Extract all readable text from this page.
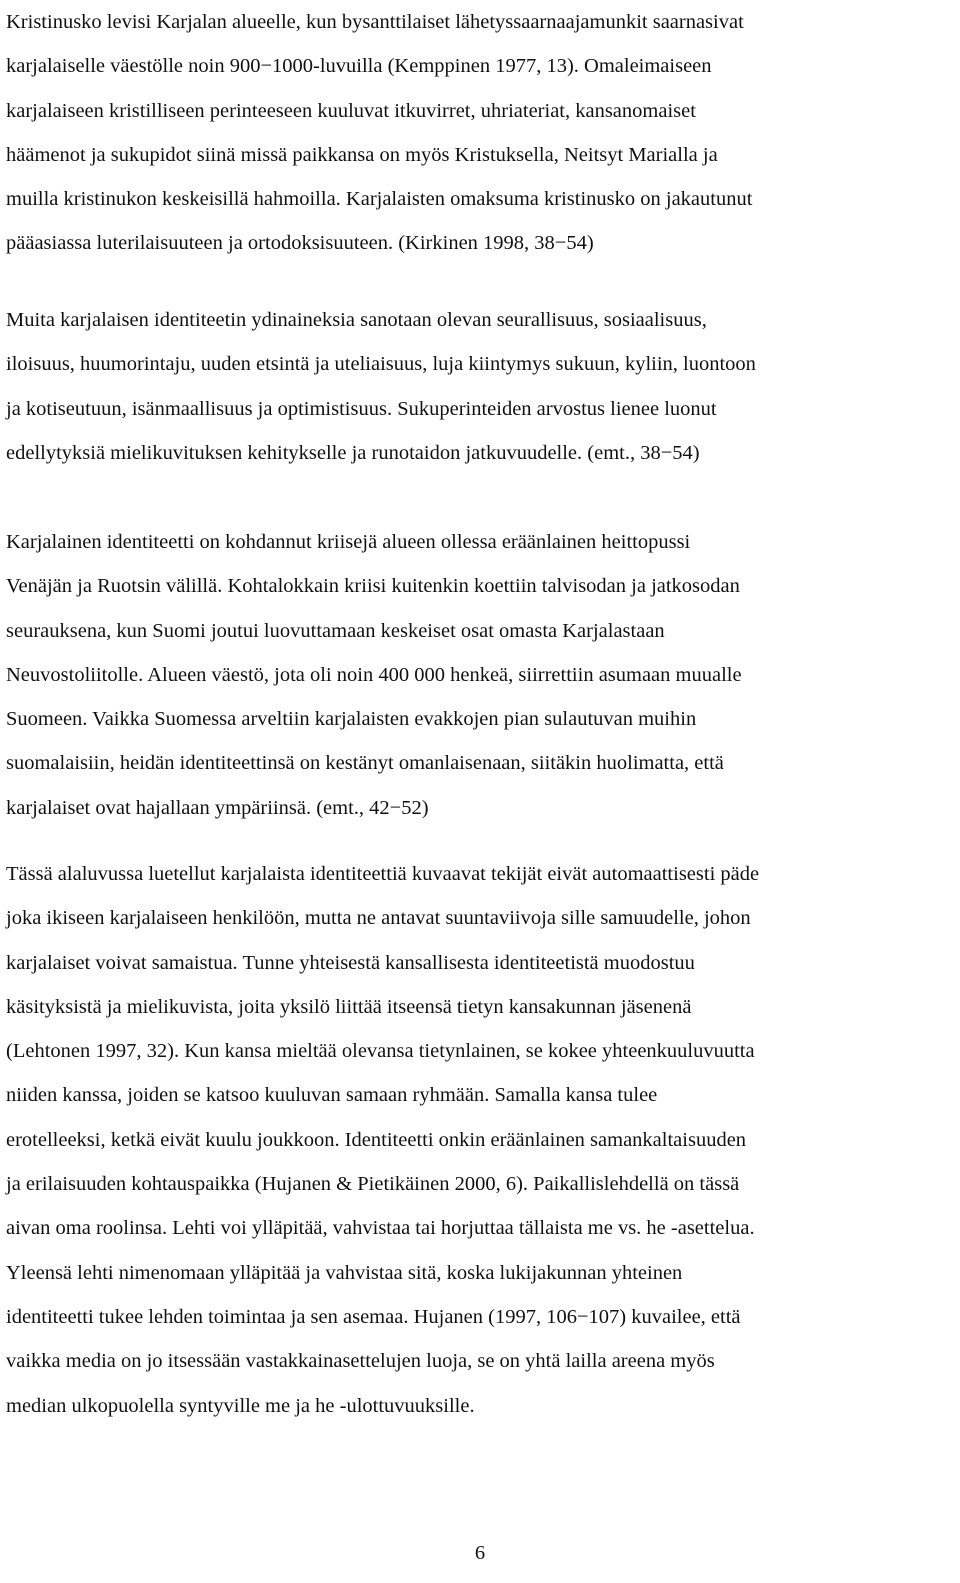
Kristinusko levisi Karjalan alueelle, kun bysanttilaiset lähetyssaarnaajamunkit saarnasivat
karjalaiselle väestölle noin 900−1000-luvuilla (Kemppinen 1977, 13). Omaleimaiseen
karjalaiseen kristilliseen perinteeseen kuuluvat itkuvirret, uhriateriat, kansanomaiset
häämenot ja sukupidot siinä missä paikkansa on myös Kristuksella, Neitsyt Marialla ja
muilla kristinukon keskeisillä hahmoilla. Karjalaisten omaksuma kristinusko on jakautunut
pääasiassa luterilaisuuteen ja ortodoksisuuteen. (Kirkinen 1998, 38−54)

Muita karjalaisen identiteetin ydinaineksia sanotaan olevan seurallisuus, sosiaalisuus,
iloisuus, huumorintaju, uuden etsintä ja uteliaisuus, luja kiintymys sukuun, kyliin, luontoon
ja kotiseutuun, isänmaallisuus ja optimistisuus. Sukuperinteiden arvostus lienee luonut
edellytyksiä mielikuvituksen kehitykselle ja runotaidon jatkuvuudelle. (emt., 38−54)

Karjalainen identiteetti on kohdannut kriisejä alueen ollessa eräänlainen heittopussi
Venäjän ja Ruotsin välillä. Kohtalokkain kriisi kuitenkin koettiin talvisodan ja jatkosodan
seurauksena, kun Suomi joutui luovuttamaan keskeiset osat omasta Karjalastaan
Neuvostoliitolle. Alueen väestö, jota oli noin 400 000 henkeä, siirrettiin asumaan muualle
Suomeen. Vaikka Suomessa arveltiin karjalaisten evakkojen pian sulautuvan muihin
suomalaisiin, heidän identiteettinsä on kestänyt omanlaisenaan, siitäkin huolimatta, että
karjalaiset ovat hajallaan ympäriinsä. (emt., 42−52)

Tässä alaluvussa luetellut karjalaista identiteettiä kuvaavat tekijät eivät automaattisesti päde
joka ikiseen karjalaiseen henkilöön, mutta ne antavat suuntaviivoja sille samuudelle, johon
karjalaiset voivat samaistua. Tunne yhteisestä kansallisesta identiteetistä muodostuu
käsityksistä ja mielikuvista, joita yksilö liittää itseensä tietyn kansakunnan jäsenenä
(Lehtonen 1997, 32). Kun kansa mieltää olevansa tietynlainen, se kokee yhteenkuuluvuutta
niiden kanssa, joiden se katsoo kuuluvan samaan ryhmään. Samalla kansa tulee
erotelleeksi, ketkä eivät kuulu joukkoon. Identiteetti onkin eräänlainen samankaltaisuuden
ja erilaisuuden kohtauspaikka (Hujanen & Pietikäinen 2000, 6). Paikallislehdellä on tässä
aivan oma roolinsa. Lehti voi ylläpitää, vahvistaa tai horjuttaa tällaista me vs. he -asettelua.
Yleensä lehti nimenomaan ylläpitää ja vahvistaa sitä, koska lukijakunnan yhteinen
identiteetti tukee lehden toimintaa ja sen asemaa. Hujanen (1997, 106−107) kuvailee, että
vaikka media on jo itsessään vastakkainasettelujen luoja, se on yhtä lailla areena myös
median ulkopuolella syntyville me ja he -ulottuvuuksille.

6
